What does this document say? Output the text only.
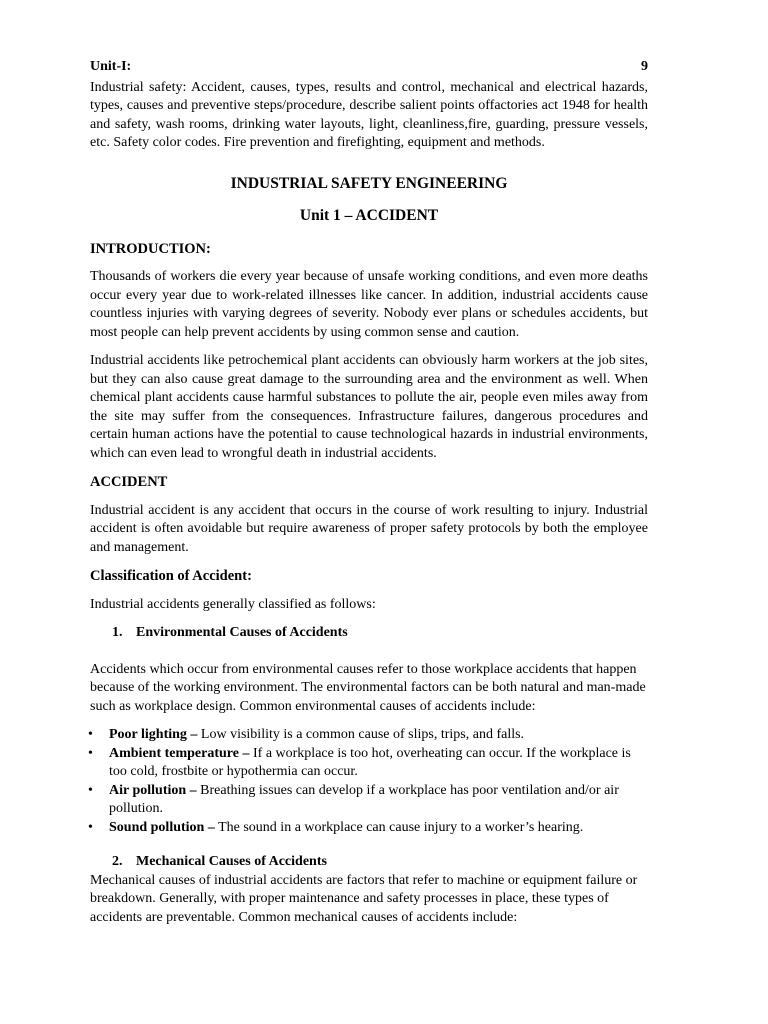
Unit-I:	9

Industrial safety: Accident, causes, types, results and control, mechanical and electrical hazards, types, causes and preventive steps/procedure, describe salient points offactories act 1948 for health and safety, wash rooms, drinking water layouts, light, cleanliness,fire, guarding, pressure vessels, etc. Safety color codes. Fire prevention and firefighting, equipment and methods.

INDUSTRIAL SAFETY ENGINEERING
Unit 1 – ACCIDENT
INTRODUCTION:

Thousands of workers die every year because of unsafe working conditions, and even more deaths occur every year due to work-related illnesses like cancer. In addition, industrial accidents cause countless injuries with varying degrees of severity. Nobody ever plans or schedules accidents, but most people can help prevent accidents by using common sense and caution.

Industrial accidents like petrochemical plant accidents can obviously harm workers at the job sites, but they can also cause great damage to the surrounding area and the environment as well. When chemical plant accidents cause harmful substances to pollute the air, people even miles away from the site may suffer from the consequences. Infrastructure failures, dangerous procedures and certain human actions have the potential to cause technological hazards in industrial environments, which can even lead to wrongful death in industrial accidents.

ACCIDENT

Industrial accident is any accident that occurs in the course of work resulting to injury. Industrial accident is often avoidable but require awareness of proper safety protocols by both the employee and management.

Classification of Accident:

Industrial accidents generally classified as follows:

1. Environmental Causes of Accidents

Accidents which occur from environmental causes refer to those workplace accidents that happen because of the working environment. The environmental factors can be both natural and man-made such as workplace design. Common environmental causes of accidents include:

• Poor lighting – Low visibility is a common cause of slips, trips, and falls.
• Ambient temperature – If a workplace is too hot, overheating can occur. If the workplace is too cold, frostbite or hypothermia can occur.
• Air pollution – Breathing issues can develop if a workplace has poor ventilation and/or air pollution.
• Sound pollution – The sound in a workplace can cause injury to a worker’s hearing.
2. Mechanical Causes of Accidents

Mechanical causes of industrial accidents are factors that refer to machine or equipment failure or breakdown. Generally, with proper maintenance and safety processes in place, these types of accidents are preventable. Common mechanical causes of accidents include:
